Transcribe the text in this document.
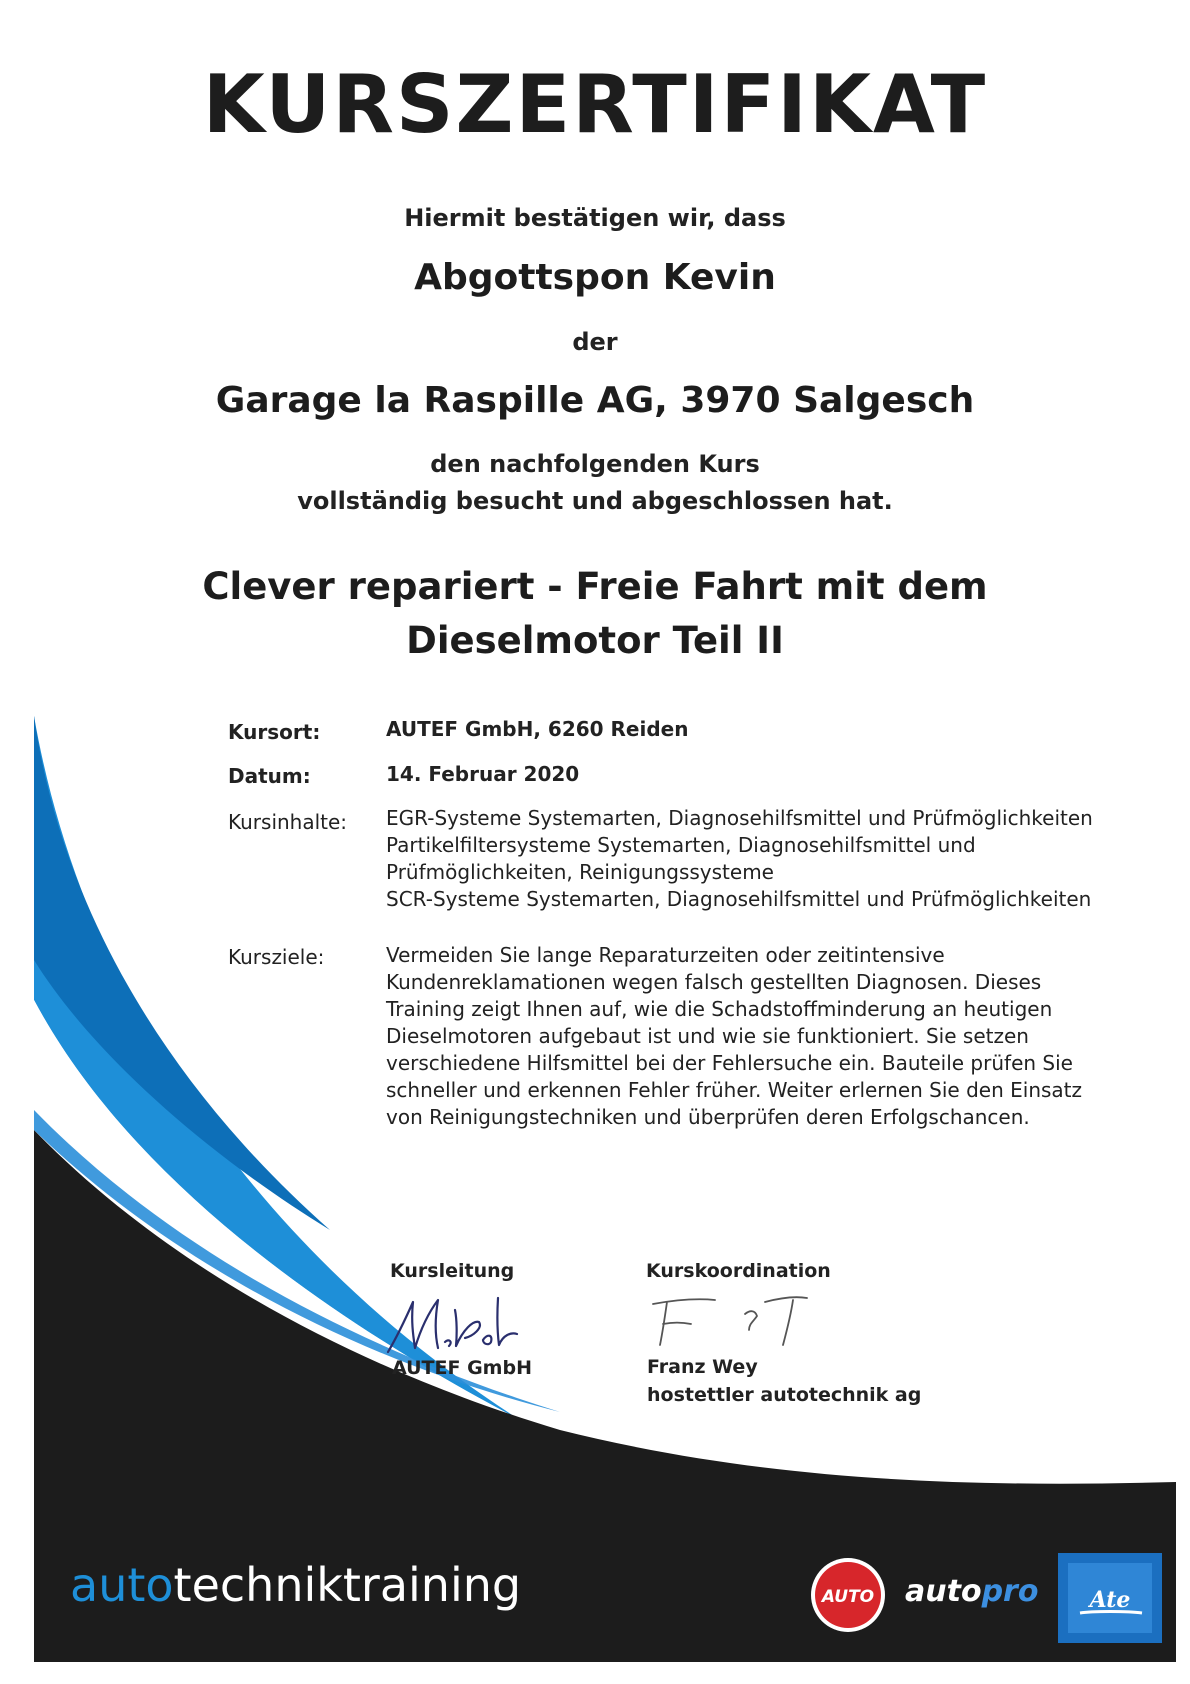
KURSZERTIFIKAT
Hiermit bestätigen wir, dass
Abgottspon Kevin
der
Garage la Raspille AG, 3970 Salgesch
den nachfolgenden Kurs
vollständig besucht und abgeschlossen hat.
Clever repariert - Freie Fahrt mit dem
Dieselmotor Teil II
Kursort:	AUTEF GmbH, 6260 Reiden
Datum:	14. Februar 2020
Kursinhalte: EGR-Systeme Systemarten, Diagnosehilfsmittel und Prüfmöglichkeiten
Partikelfiltersysteme Systemarten, Diagnosehilfsmittel und
Prüfmöglichkeiten, Reinigungssysteme
SCR-Systeme Systemarten, Diagnosehilfsmittel und Prüfmöglichkeiten
Kursziele:	Vermeiden Sie lange Reparaturzeiten oder zeitintensive
Kundenreklamationen wegen falsch gestellten Diagnosen. Dieses
Training zeigt Ihnen auf, wie die Schadstoffminderung an heutigen
Dieselmotoren aufgebaut ist und wie sie funktioniert. Sie setzen
verschiedene Hilfsmittel bei der Fehlersuche ein. Bauteile prüfen Sie
schneller und erkennen Fehler früher. Weiter erlernen Sie den Einsatz
von Reinigungstechniken und überprüfen deren Erfolgschancen.
Kursleitung
AUTEF GmbH
Kurskoordination
Franz Wey
hostettler autotechnik ag
autotechniktraining	AUTO autopro Ate
